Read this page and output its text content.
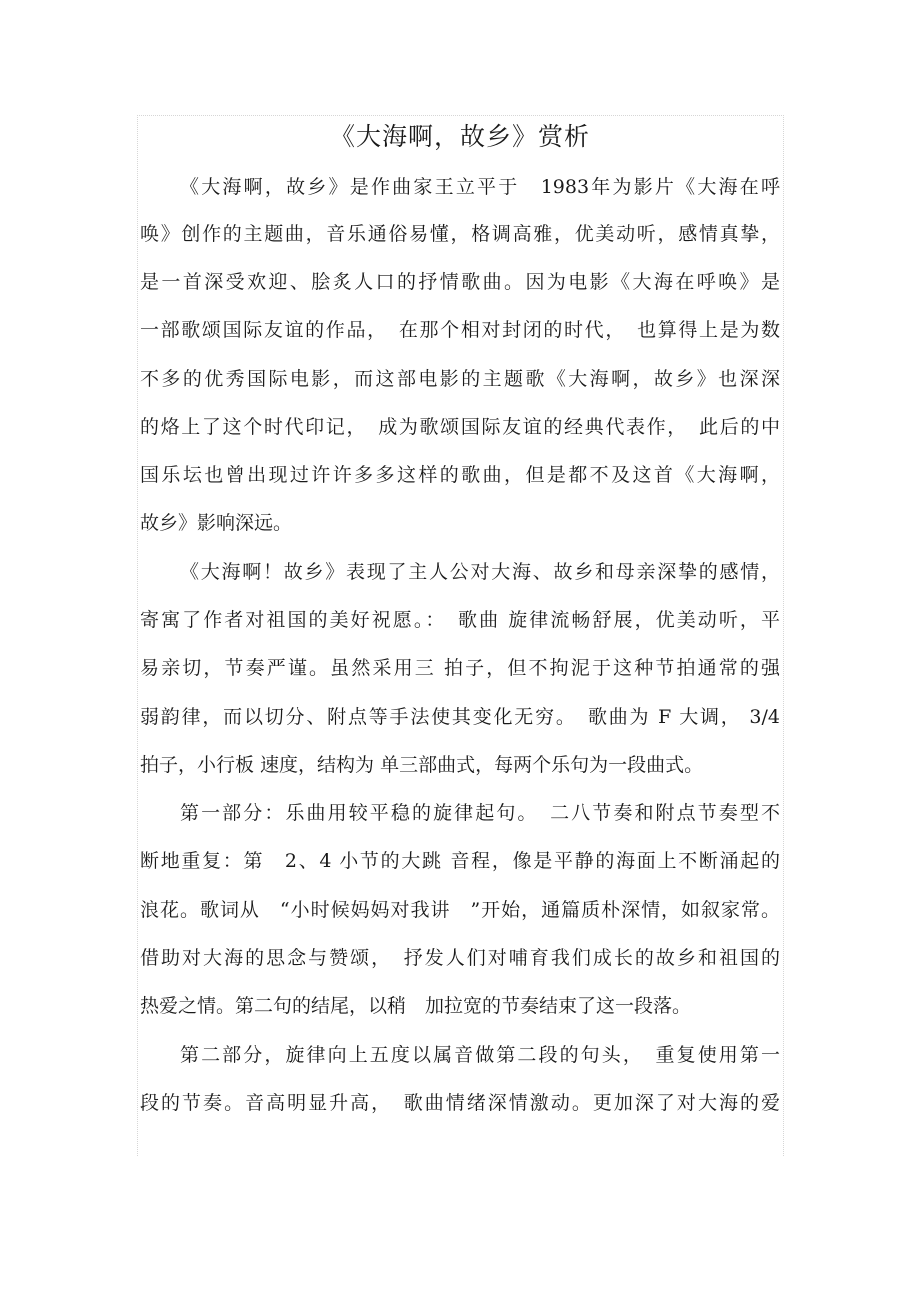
《大海啊，故乡》赏析
《大海啊，故乡》是作曲家王立平于　1983年为影片《大海在呼
唤》创作的主题曲，音乐通俗易懂，格调高雅，优美动听，感情真挚，
是一首深受欢迎、脍炙人口的抒情歌曲。因为电影《大海在呼唤》是
一部歌颂国际友谊的作品，　在那个相对封闭的时代，　也算得上是为数
不多的优秀国际电影，而这部电影的主题歌《大海啊，故乡》也深深
的烙上了这个时代印记，　成为歌颂国际友谊的经典代表作，　此后的中
国乐坛也曾出现过许许多多这样的歌曲，但是都不及这首《大海啊，
故乡》影响深远。
《大海啊！故乡》表现了主人公对大海、故乡和母亲深挚的感情，
寄寓了作者对祖国的美好祝愿。：　歌曲 旋律流畅舒展，优美动听，平
易亲切，节奏严谨。虽然采用三 拍子，但不拘泥于这种节拍通常的强
弱韵律，而以切分、附点等手法使其变化无穷。　歌曲为 F 大调， 3/4
拍子，小行板 速度，结构为 单三部曲式，每两个乐句为一段曲式。
第一部分：乐曲用较平稳的旋律起句。　二八节奏和附点节奏型不
断地重复：第　2、4 小节的大跳 音程，像是平静的海面上不断涌起的
浪花。歌词从　“小时候妈妈对我讲　”开始，通篇质朴深情，如叙家常。
借助对大海的思念与赞颂，　抒发人们对哺育我们成长的故乡和祖国的
热爱之情。第二句的结尾，以稍　加拉宽的节奏结束了这一段落。
第二部分，旋律向上五度以属音做第二段的句头，　重复使用第一
段的节奏。音高明显升高，　歌曲情绪深情激动。更加深了对大海的爱
